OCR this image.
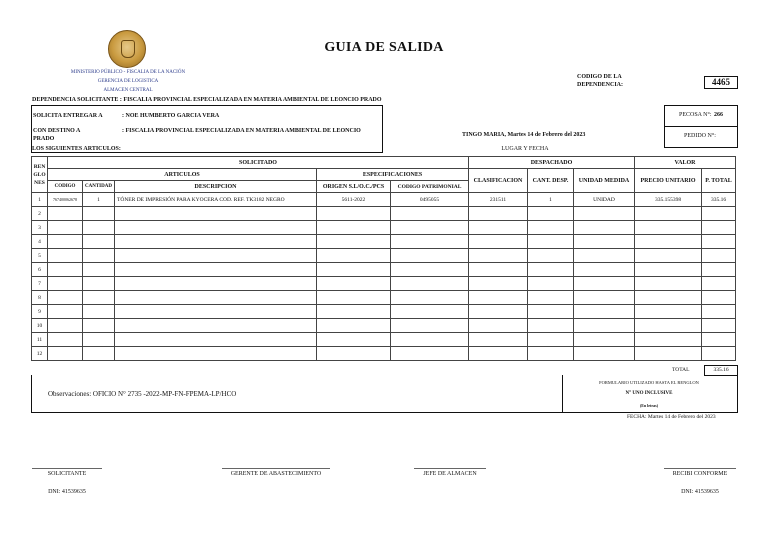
MINISTERIO PÚBLICO - FISCALIA DE LA NACIÓN
GERENCIA DE LOGISTICA
ALMACEN CENTRAL
GUIA DE SALIDA
CODIGO DE LA
DEPENDENCIA:	4465
DEPENDENCIA SOLICITANTE : FISCALIA PROVINCIAL ESPECIALIZADA EN MATERIA AMBIENTAL DE LEONCIO PRADO
SOLICITA ENTREGAR A	: NOE HUMBERTO GARCIA VERA
CON DESTINO A	: FISCALIA PROVINCIAL ESPECIALIZADA EN MATERIA AMBIENTAL DE LEONCIO
PRADO
LOS SIGUIENTES ARTICULOS:
TINGO MARIA, Martes 14 de Febrero del 2023
LUGAR Y FECHA
PECOSA N°: 266
PEDIDO N°:
REN
GLO
NES	SOLICITADO					DESPACHADO			VALOR	
	ARTICULOS			ESPECIFICACIONES		CLASIFICACION	CANT. DESP.	UNIDAD MEDIDA	PRECIO UNITARIO	P. TOTAL
	CODIGO	CANTIDAD	DESCRIPCION	ORIGEN S.L/O.C./PCS	CODIGO PATRIMONIAL					
1	767400062678	1	TÓNER DE IMPRESIÓN PARA KYOCERA COD. REF. TK3182 NEGRO	5611-2022	0495055	231511	1	UNIDAD	335.155398	335.16
2										
3										
4										
5										
6										
7										
8										
9										
10										
11										
12										
335.16
TOTAL
Observaciones: OFICIO N° 2735 -2022-MP-FN-FPEMA-LP/HCO
FORMULARIO UTILIZADO HASTA EL RENGLON
N° UNO INCLUSIVE
(En letras)
FECHA: Martes 14 de Febrero del 2023
SOLICITANTE
DNI: 41539635
GERENTE DE ABASTECIMIENTO	JEFE DE ALMACEN	RECIBI CONFORME
DNI: 41539635
